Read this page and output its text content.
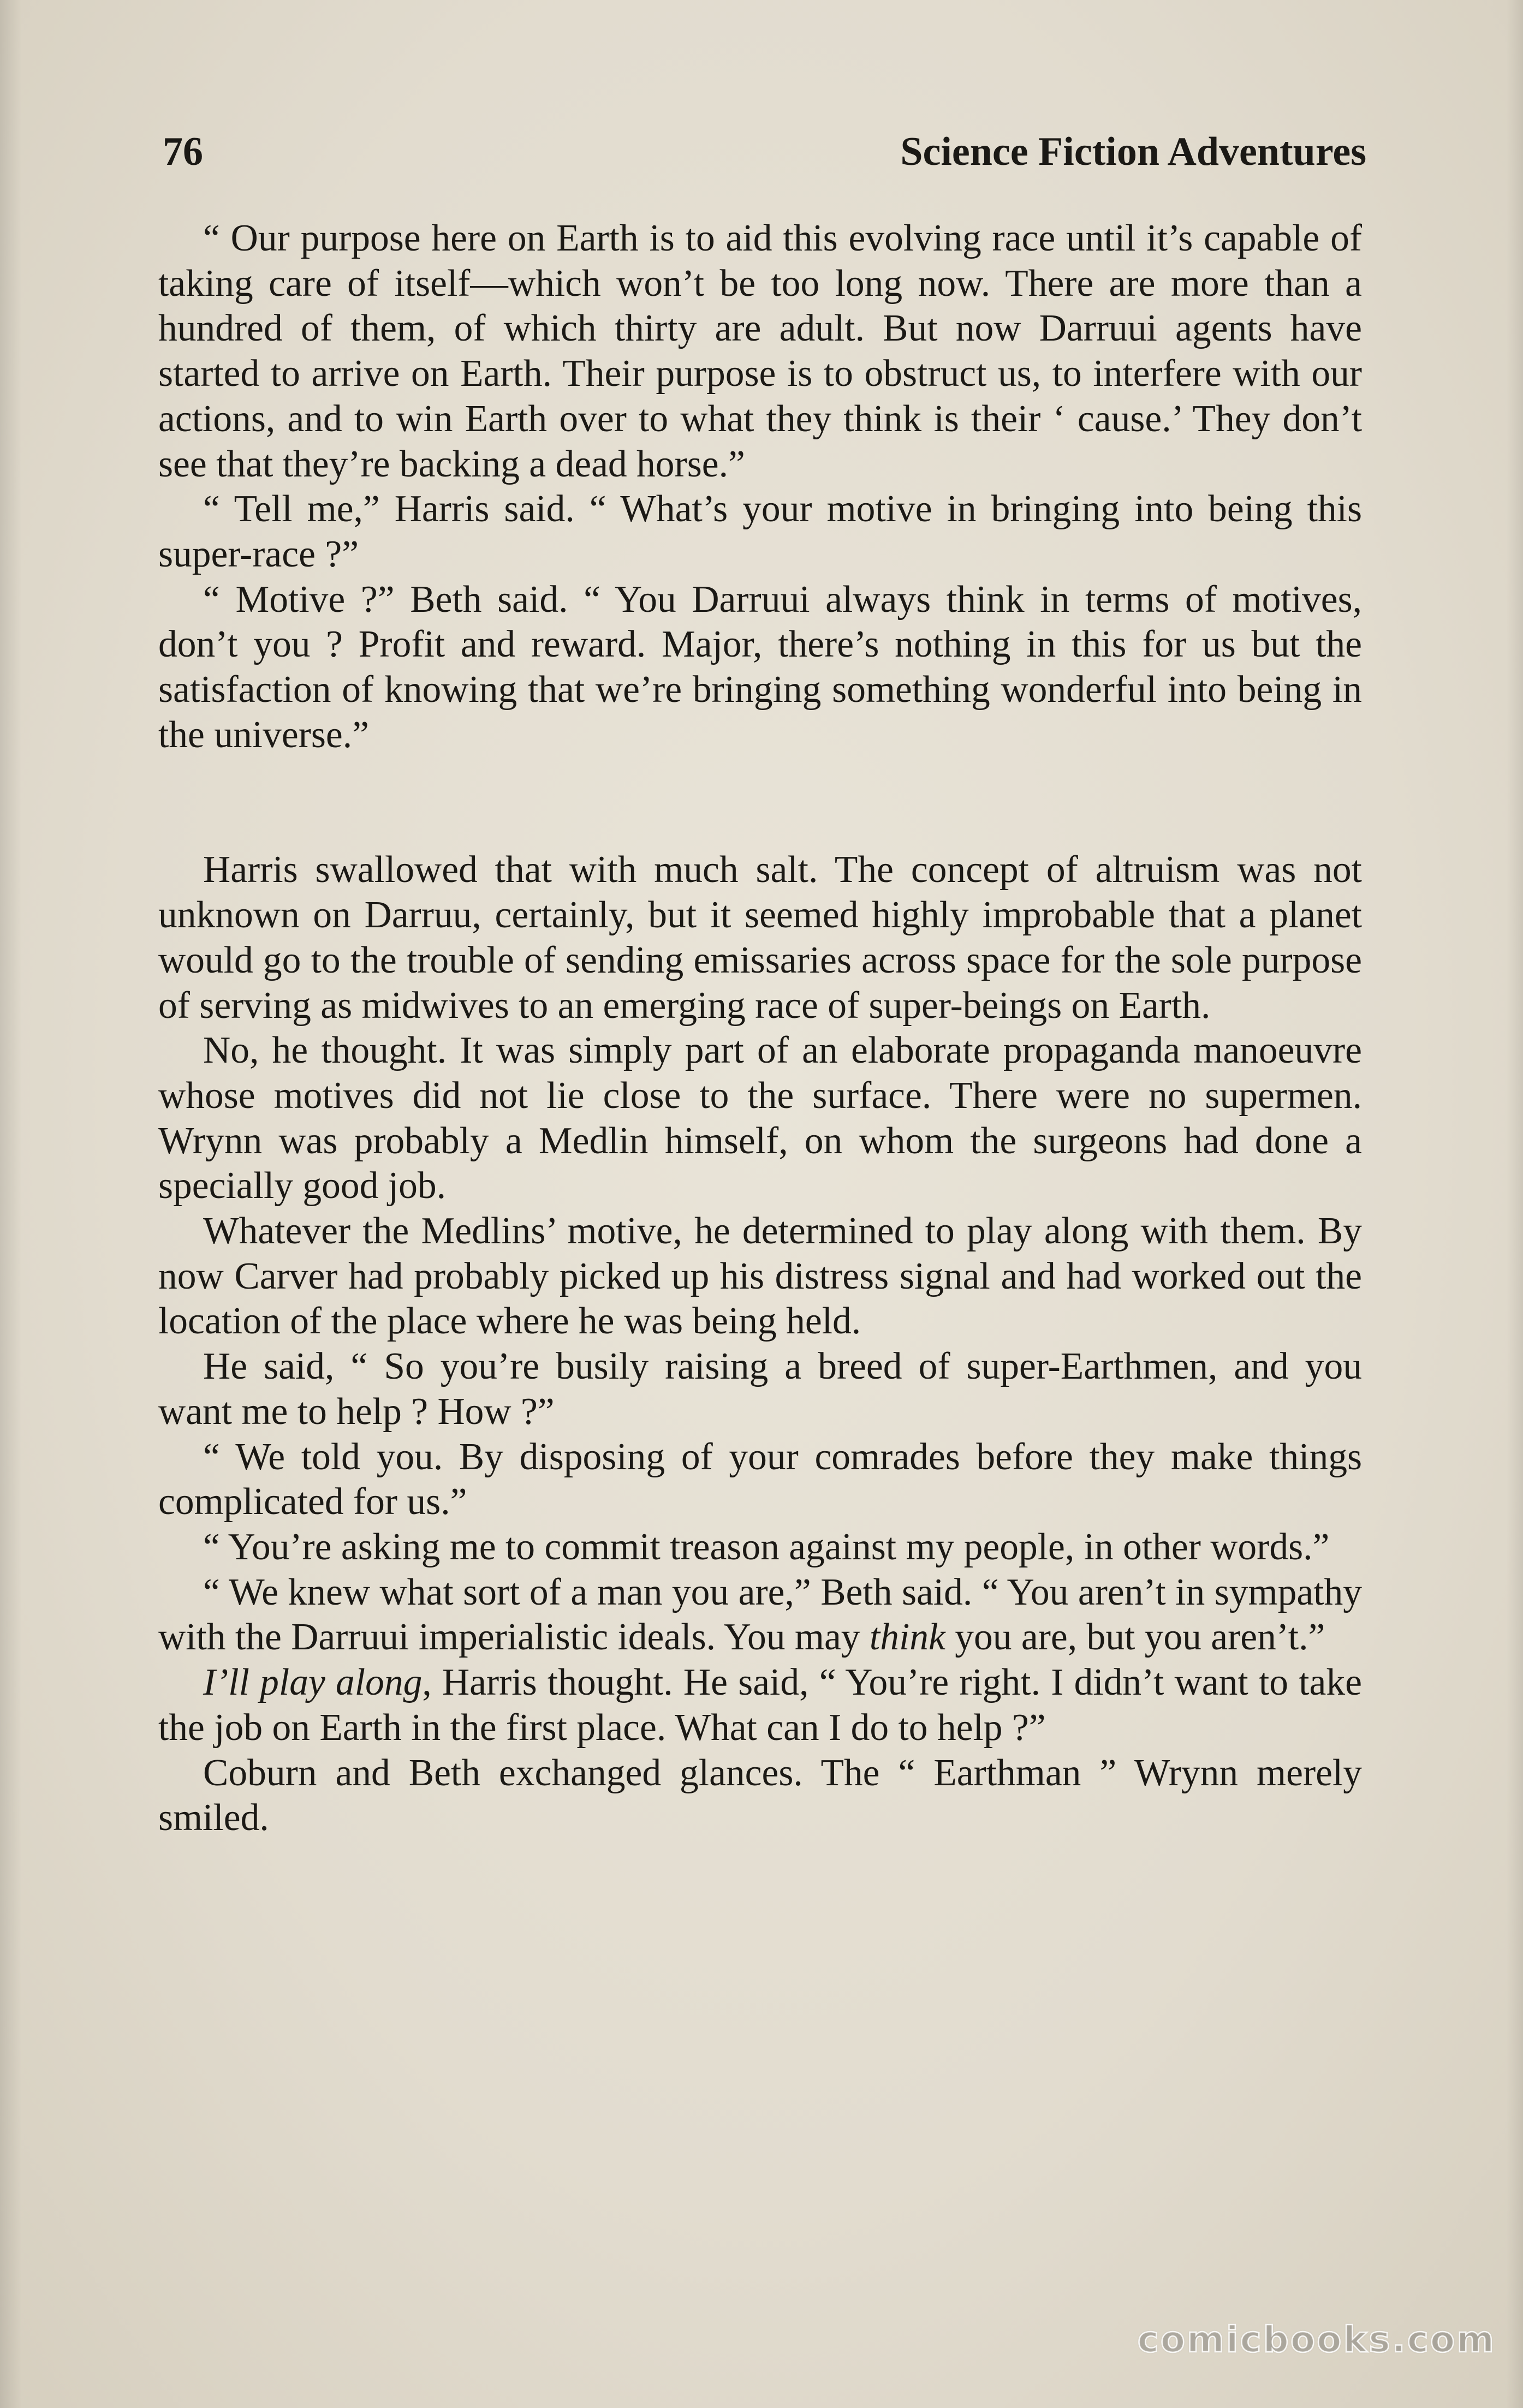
76	Science Fiction Adventures

“ Our purpose here on Earth is to aid this evolving race until it’s capable of taking care of itself—which won’t be too long now. There are more than a hundred of them, of which thirty are adult. But now Darruui agents have started to arrive on Earth. Their purpose is to obstruct us, to interfere with our actions, and to win Earth over to what they think is their ‘ cause.’ They don’t see that they’re backing a dead horse.”

“ Tell me,” Harris said. “ What’s your motive in bringing into being this super-race ?”

“ Motive ?” Beth said. “ You Darruui always think in terms of motives, don’t you ? Profit and reward. Major, there’s nothing in this for us but the satisfaction of knowing that we’re bringing something wonderful into being in the universe.”

Harris swallowed that with much salt. The concept of altruism was not unknown on Darruu, certainly, but it seemed highly improbable that a planet would go to the trouble of sending emissaries across space for the sole purpose of serving as midwives to an emerging race of super-beings on Earth.

No, he thought. It was simply part of an elaborate propaganda manoeuvre whose motives did not lie close to the surface. There were no supermen. Wrynn was probably a Medlin himself, on whom the surgeons had done a specially good job.

Whatever the Medlins’ motive, he determined to play along with them. By now Carver had probably picked up his distress signal and had worked out the location of the place where he was being held.

He said, “ So you’re busily raising a breed of super-Earthmen, and you want me to help ? How ?”

“ We told you. By disposing of your comrades before they make things complicated for us.”

“ You’re asking me to commit treason against my people, in other words.”

“ We knew what sort of a man you are,” Beth said. “ You aren’t in sympathy with the Darruui imperialistic ideals. You may think you are, but you aren’t.”

I’ll play along, Harris thought. He said, “ You’re right. I didn’t want to take the job on Earth in the first place. What can I do to help ?”

Coburn and Beth exchanged glances. The “ Earthman ” Wrynn merely smiled.

comicbooks.com
